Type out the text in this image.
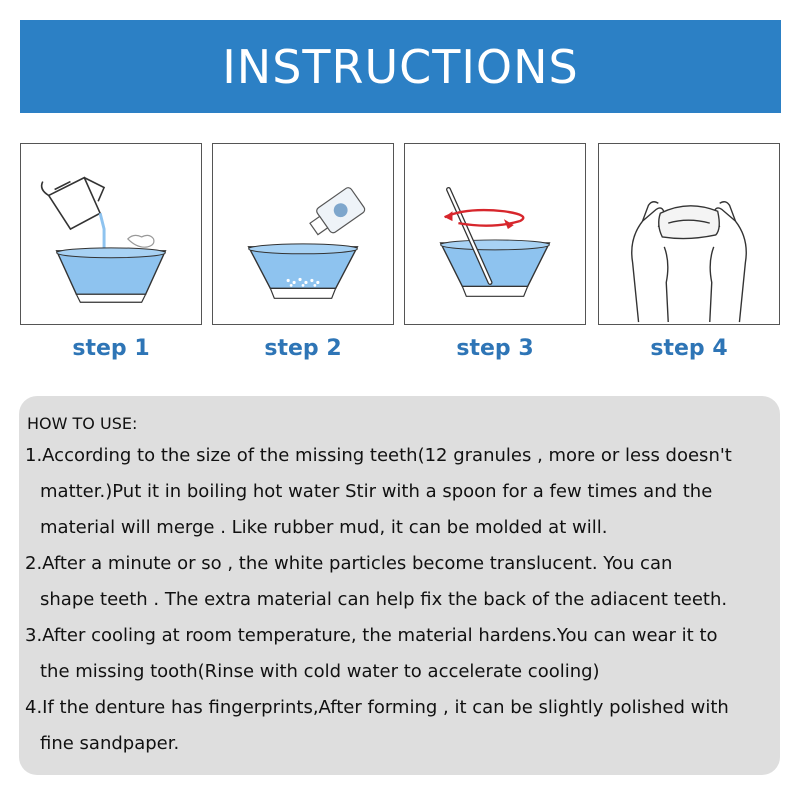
INSTRUCTIONS
step 1	step 2	step 3	step 4
HOW TO USE:
1.According to the size of the missing teeth(12 granules , more or less doesn't
matter.)Put it in boiling hot water Stir with a spoon for a few times and the
material will merge . Like rubber mud, it can be molded at will.
2.After a minute or so , the white particles become translucent. You can
shape teeth . The extra material can help fix the back of the adiacent teeth.
3.After cooling at room temperature, the material hardens.You can wear it to
the missing tooth(Rinse with cold water to accelerate cooling)
4.If the denture has fingerprints,After forming , it can be slightly polished with
fine sandpaper.
